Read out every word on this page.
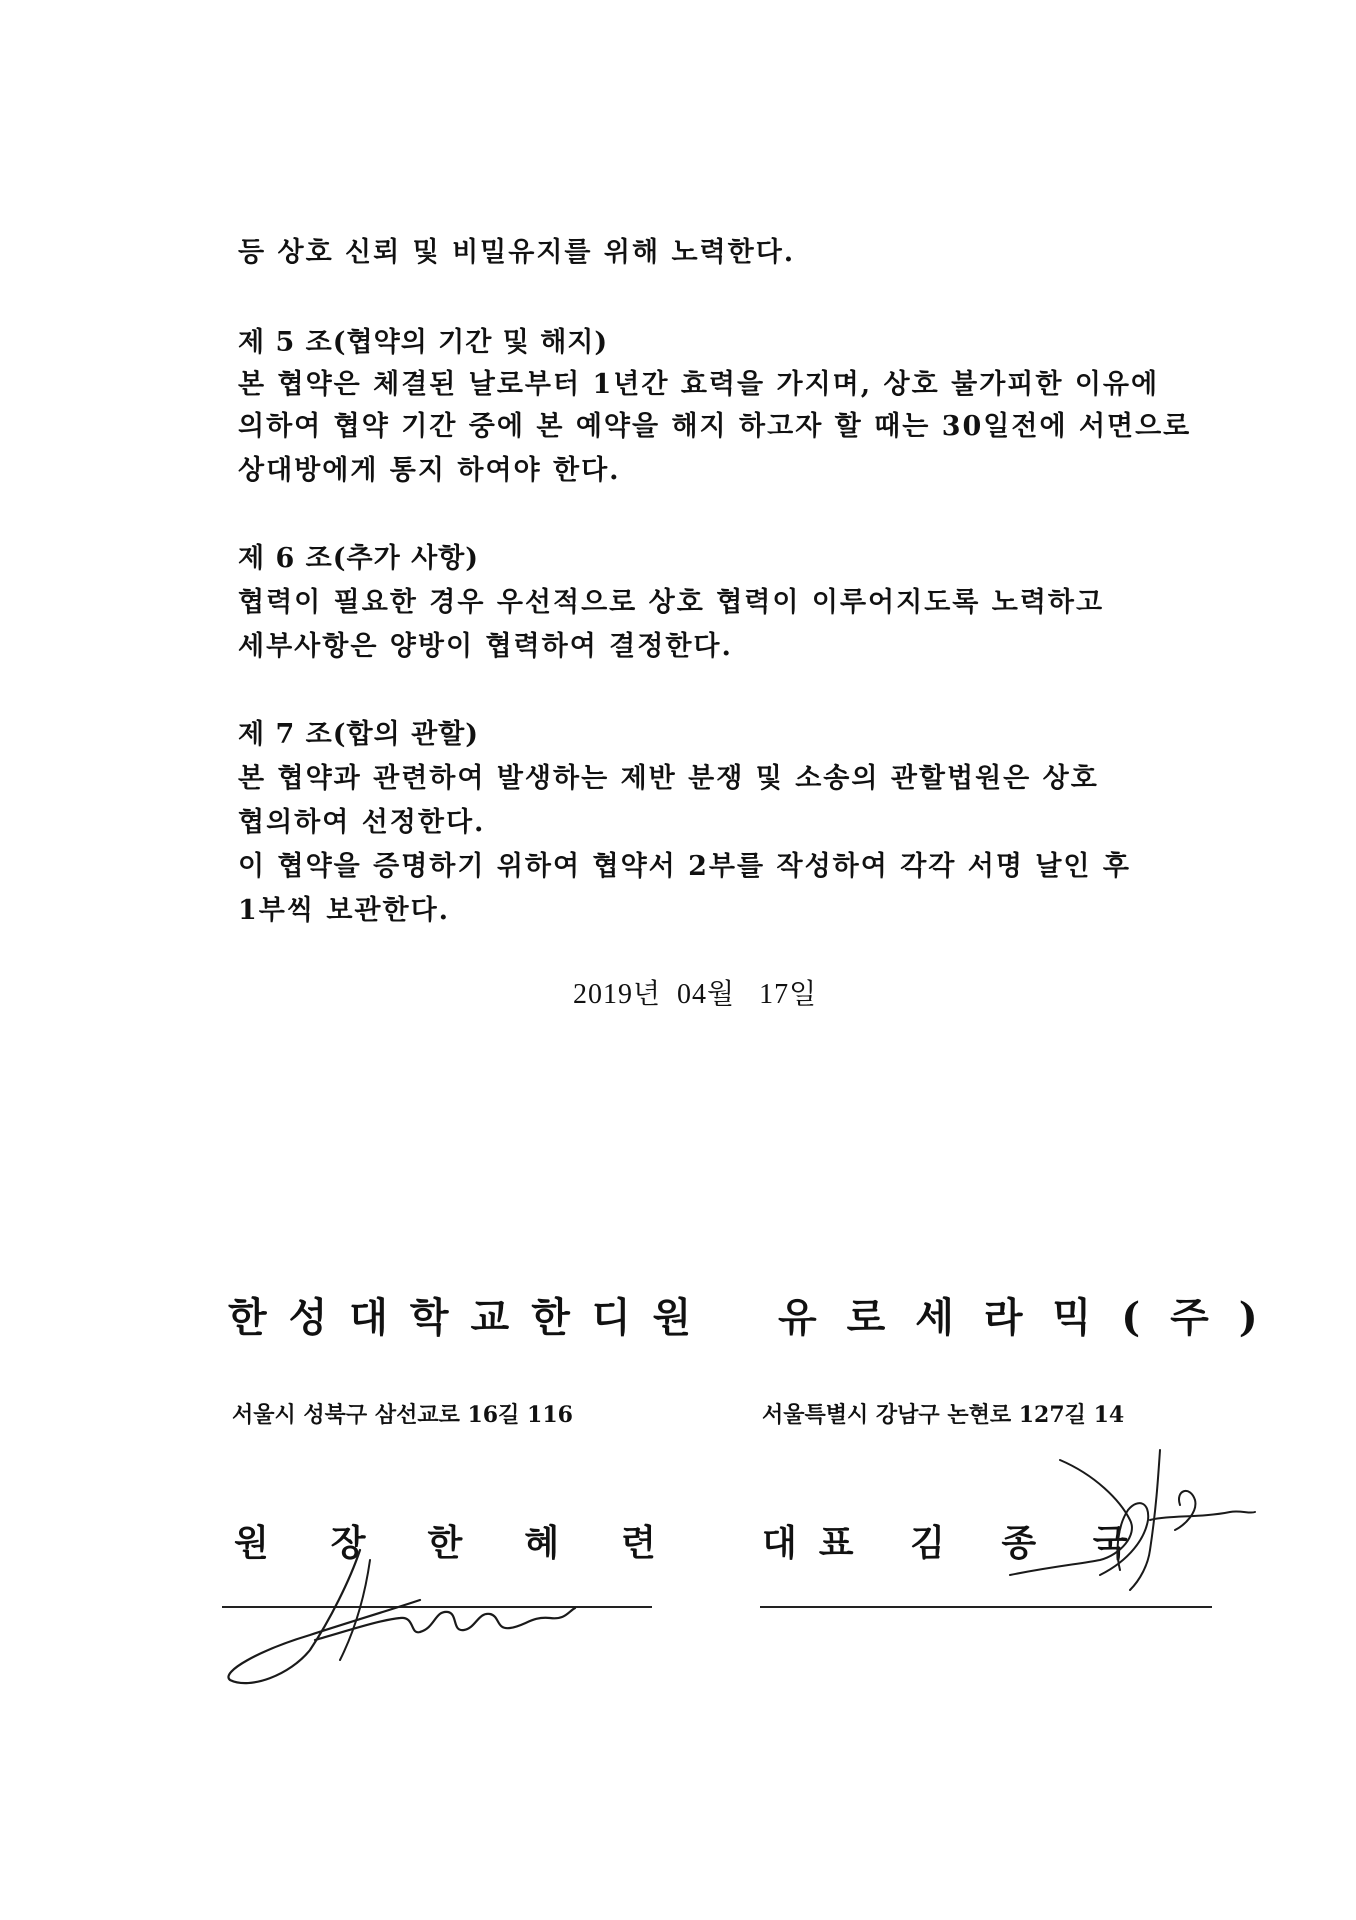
등 상호 신뢰 및 비밀유지를 위해 노력한다.
제 5 조(협약의 기간 및 해지)
본 협약은 체결된 날로부터 1년간 효력을 가지며, 상호 불가피한 이유에
의하여 협약 기간 중에 본 예약을 해지 하고자 할 때는 30일전에 서면으로
상대방에게 통지 하여야 한다.
제 6 조(추가 사항)
협력이 필요한 경우 우선적으로 상호 협력이 이루어지도록 노력하고
세부사항은 양방이 협력하여 결정한다.
제 7 조(합의 관할)
본 협약과 관련하여 발생하는 제반 분쟁 및 소송의 관할법원은 상호
협의하여 선정한다.
이 협약을 증명하기 위하여 협약서 2부를 작성하여 각각 서명 날인 후
1부씩 보관한다.
2019년  04월   17일
한성대학교한디원 유로세라믹(주)
서울시 성북구 삼선교로 16길 116	서울특별시 강남구 논현로 127길 14
원장한혜련 대표 김 종 국
